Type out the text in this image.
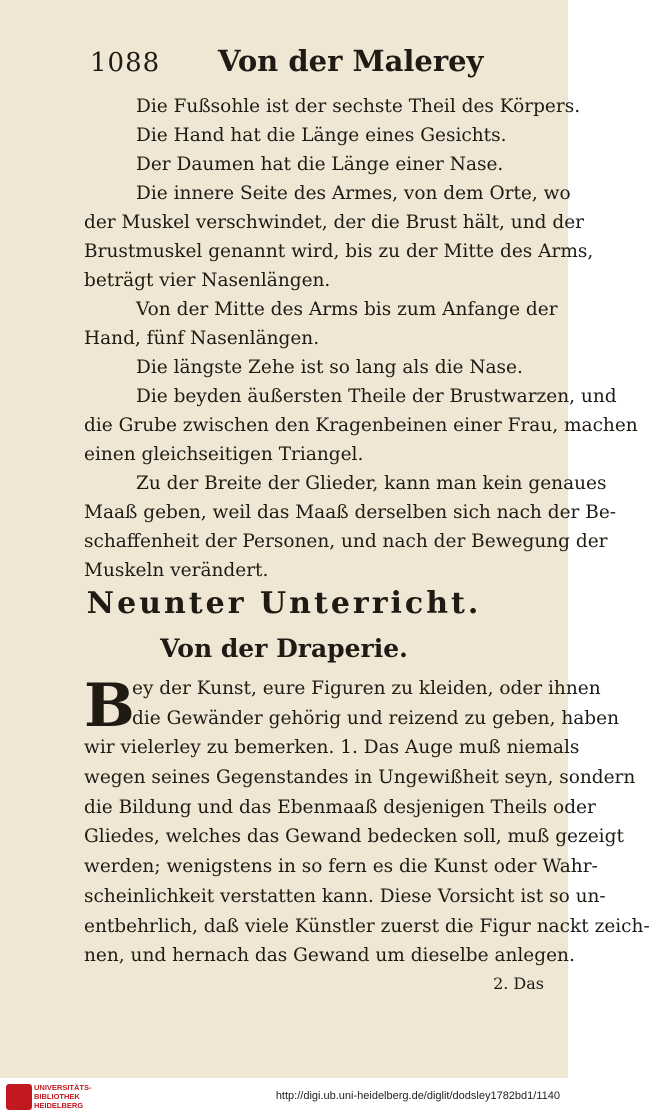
1088 Von der Malerey
Die Fußsohle ist der sechste Theil des Körpers.
Die Hand hat die Länge eines Gesichts.
Der Daumen hat die Länge einer Nase.
Die innere Seite des Armes, von dem Orte, wo
der Muskel verschwindet, der die Brust hält, und der
Brustmuskel genannt wird, bis zu der Mitte des Arms,
beträgt vier Nasenlängen.
Von der Mitte des Arms bis zum Anfange der
Hand, fünf Nasenlängen.
Die längste Zehe ist so lang als die Nase.
Die beyden äußersten Theile der Brustwarzen, und
die Grube zwischen den Kragenbeinen einer Frau, machen
einen gleichseitigen Triangel.
Zu der Breite der Glieder, kann man kein genaues
Maaß geben, weil das Maaß derselben sich nach der Be-
schaffenheit der Personen, und nach der Bewegung der
Muskeln verändert.
Neunter Unterricht.
Von der Draperie.
B
ey der Kunst, eure Figuren zu kleiden, oder ihnen
die Gewänder gehörig und reizend zu geben, haben
wir vielerley zu bemerken. 1. Das Auge muß niemals
wegen seines Gegenstandes in Ungewißheit seyn, sondern
die Bildung und das Ebenmaaß desjenigen Theils oder
Gliedes, welches das Gewand bedecken soll, muß gezeigt
werden; wenigstens in so fern es die Kunst oder Wahr-
scheinlichkeit verstatten kann. Diese Vorsicht ist so un-
entbehrlich, daß viele Künstler zuerst die Figur nackt zeich-
nen, und hernach das Gewand um dieselbe anlegen.
2. Das
UNIVERSITÄTS-
BIBLIOTHEK
HEIDELBERG
http://digi.ub.uni-heidelberg.de/diglit/dodsley1782bd1/1140
